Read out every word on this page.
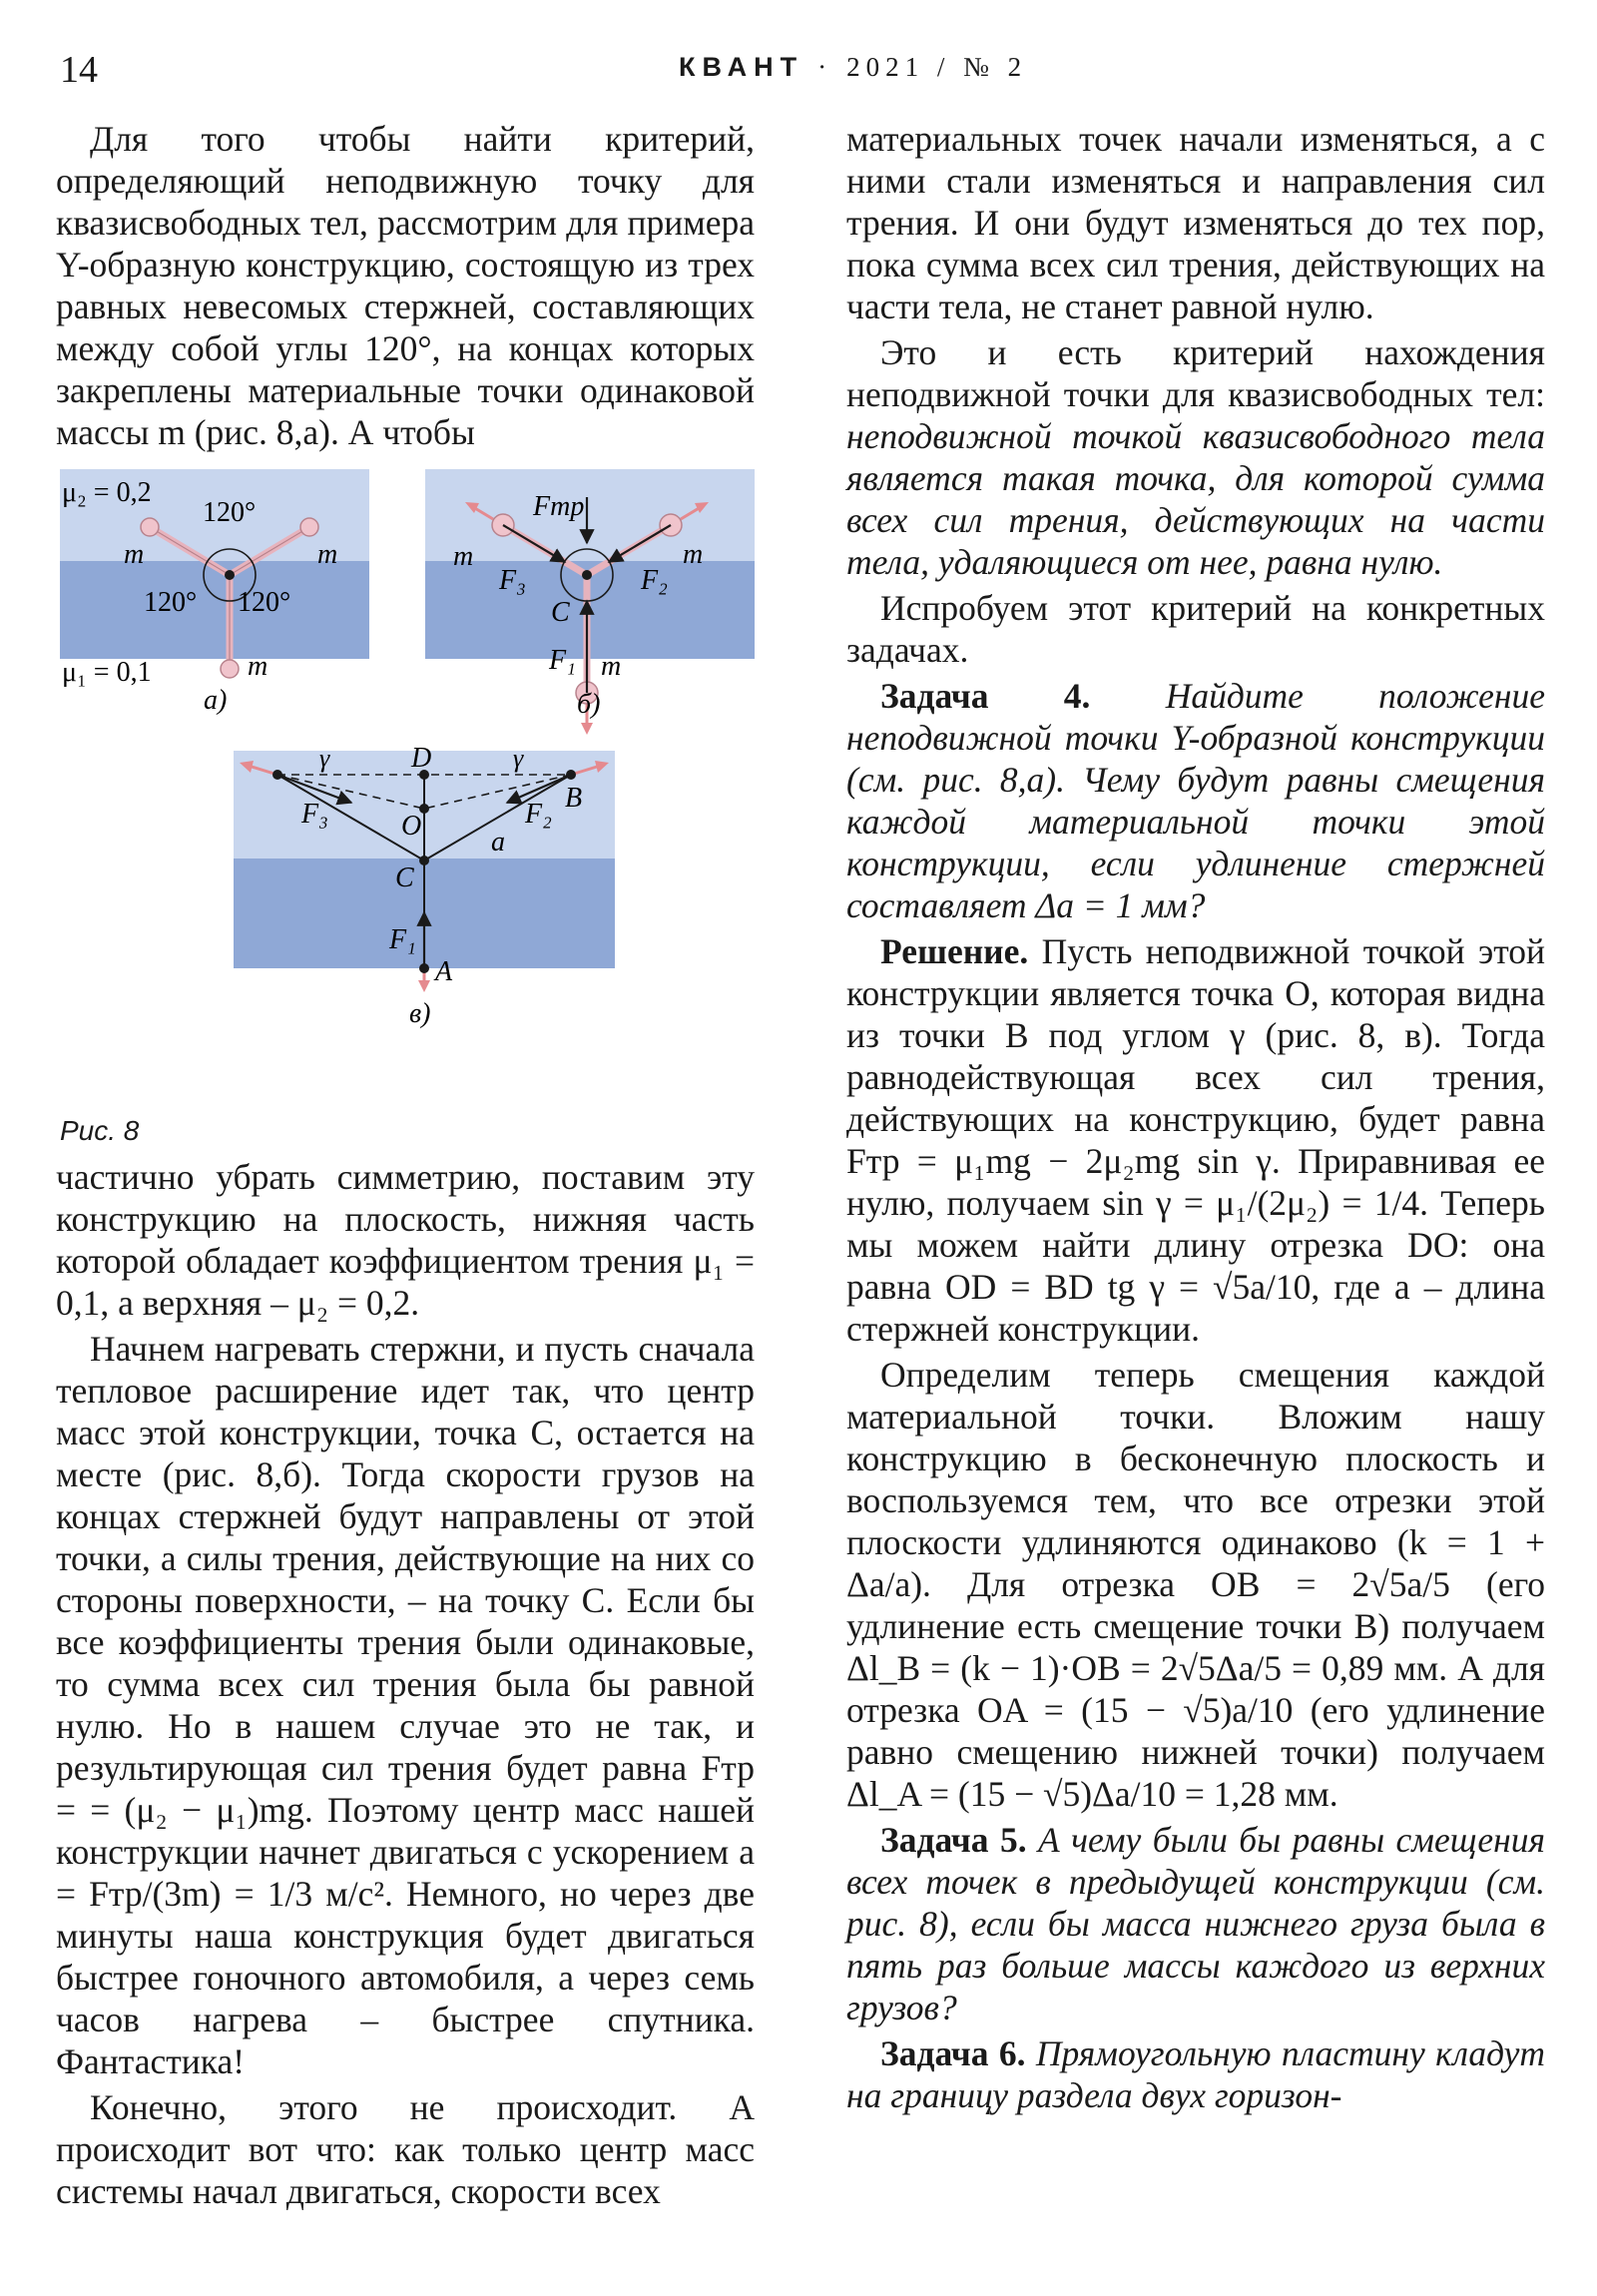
14	КВАНТ · 2021 / № 2

Для того чтобы найти критерий, определяющий неподвижную точку для квазисвободных тел, рассмотрим для примера Y-образную конструкцию, состоящую из трех равных невесомых стержней, составляющих между собой углы 120°, на концах которых закреплены материальные точки одинаковой массы m (рис. 8,а). А чтобы

μ₂ = 0,2
120°
120° 120°
m	m
m
μ₁ = 0,1
а)
Fтр
m	m
F₃	F₂
C
F₁ m
б)
γ	D	γ
B
F₃	O	F₂
a
C
F₁
A
в)
Рис. 8

частично убрать симметрию, поставим эту конструкцию на плоскость, нижняя часть которой обладает коэффициентом трения μ₁ = 0,1, а верхняя – μ₂ = 0,2.

Начнем нагревать стержни, и пусть сначала тепловое расширение идет так, что центр масс этой конструкции, точка C, остается на месте (рис. 8,б). Тогда скорости грузов на концах стержней будут направлены от этой точки, а силы трения, действующие на них со стороны поверхности, – на точку C. Если бы все коэффициенты трения были одинаковые, то сумма всех сил трения была бы равной нулю. Но в нашем случае это не так, и результирующая сил трения будет равна Fтр = = (μ₂ − μ₁)mg. Поэтому центр масс нашей конструкции начнет двигаться с ускорением a = Fтр/(3m) = 1/3 м/с². Немного, но через две минуты наша конструкция будет двигаться быстрее гоночного автомобиля, а через семь часов нагрева – быстрее спутника. Фантастика!

Конечно, этого не происходит. А происходит вот что: как только центр масс системы начал двигаться, скорости всех

материальных точек начали изменяться, а с ними стали изменяться и направления сил трения. И они будут изменяться до тех пор, пока сумма всех сил трения, действующих на части тела, не станет равной нулю.

Это и есть критерий нахождения неподвижной точки для квазисвободных тел: неподвижной точкой квазисвободного тела является такая точка, для которой сумма всех сил трения, действующих на части тела, удаляющиеся от нее, равна нулю.

Испробуем этот критерий на конкретных задачах.

Задача 4. Найдите положение неподвижной точки Y-образной конструкции (см. рис. 8,а). Чему будут равны смещения каждой материальной точки этой конструкции, если удлинение стержней составляет Δa = 1 мм?

Решение. Пусть неподвижной точкой этой конструкции является точка O, которая видна из точки B под углом γ (рис. 8, в). Тогда равнодействующая всех сил трения, действующих на конструкцию, будет равна Fтр = μ₁mg − 2μ₂mg sin γ. Приравнивая ее нулю, получаем sin γ = μ₁/(2μ₂) = 1/4. Теперь мы можем найти длину отрезка DO: она равна OD = BD tg γ = √5a/10, где a – длина стержней конструкции.

Определим теперь смещения каждой материальной точки. Вложим нашу конструкцию в бесконечную плоскость и воспользуемся тем, что все отрезки этой плоскости удлиняются одинаково (k = 1 + Δa/a). Для отрезка OB = 2√5a/5 (его удлинение есть смещение точки B) получаем Δl_B = (k − 1)·OB = 2√5Δa/5 = 0,89 мм. А для отрезка OA = (15 − √5)a/10 (его удлинение равно смещению нижней точки) получаем Δl_A = (15 − √5)Δa/10 = 1,28 мм.

Задача 5. А чему были бы равны смещения всех точек в предыдущей конструкции (см. рис. 8), если бы масса нижнего груза была в пять раз больше массы каждого из верхних грузов?

Задача 6. Прямоугольную пластину кладут на границу раздела двух горизон-
